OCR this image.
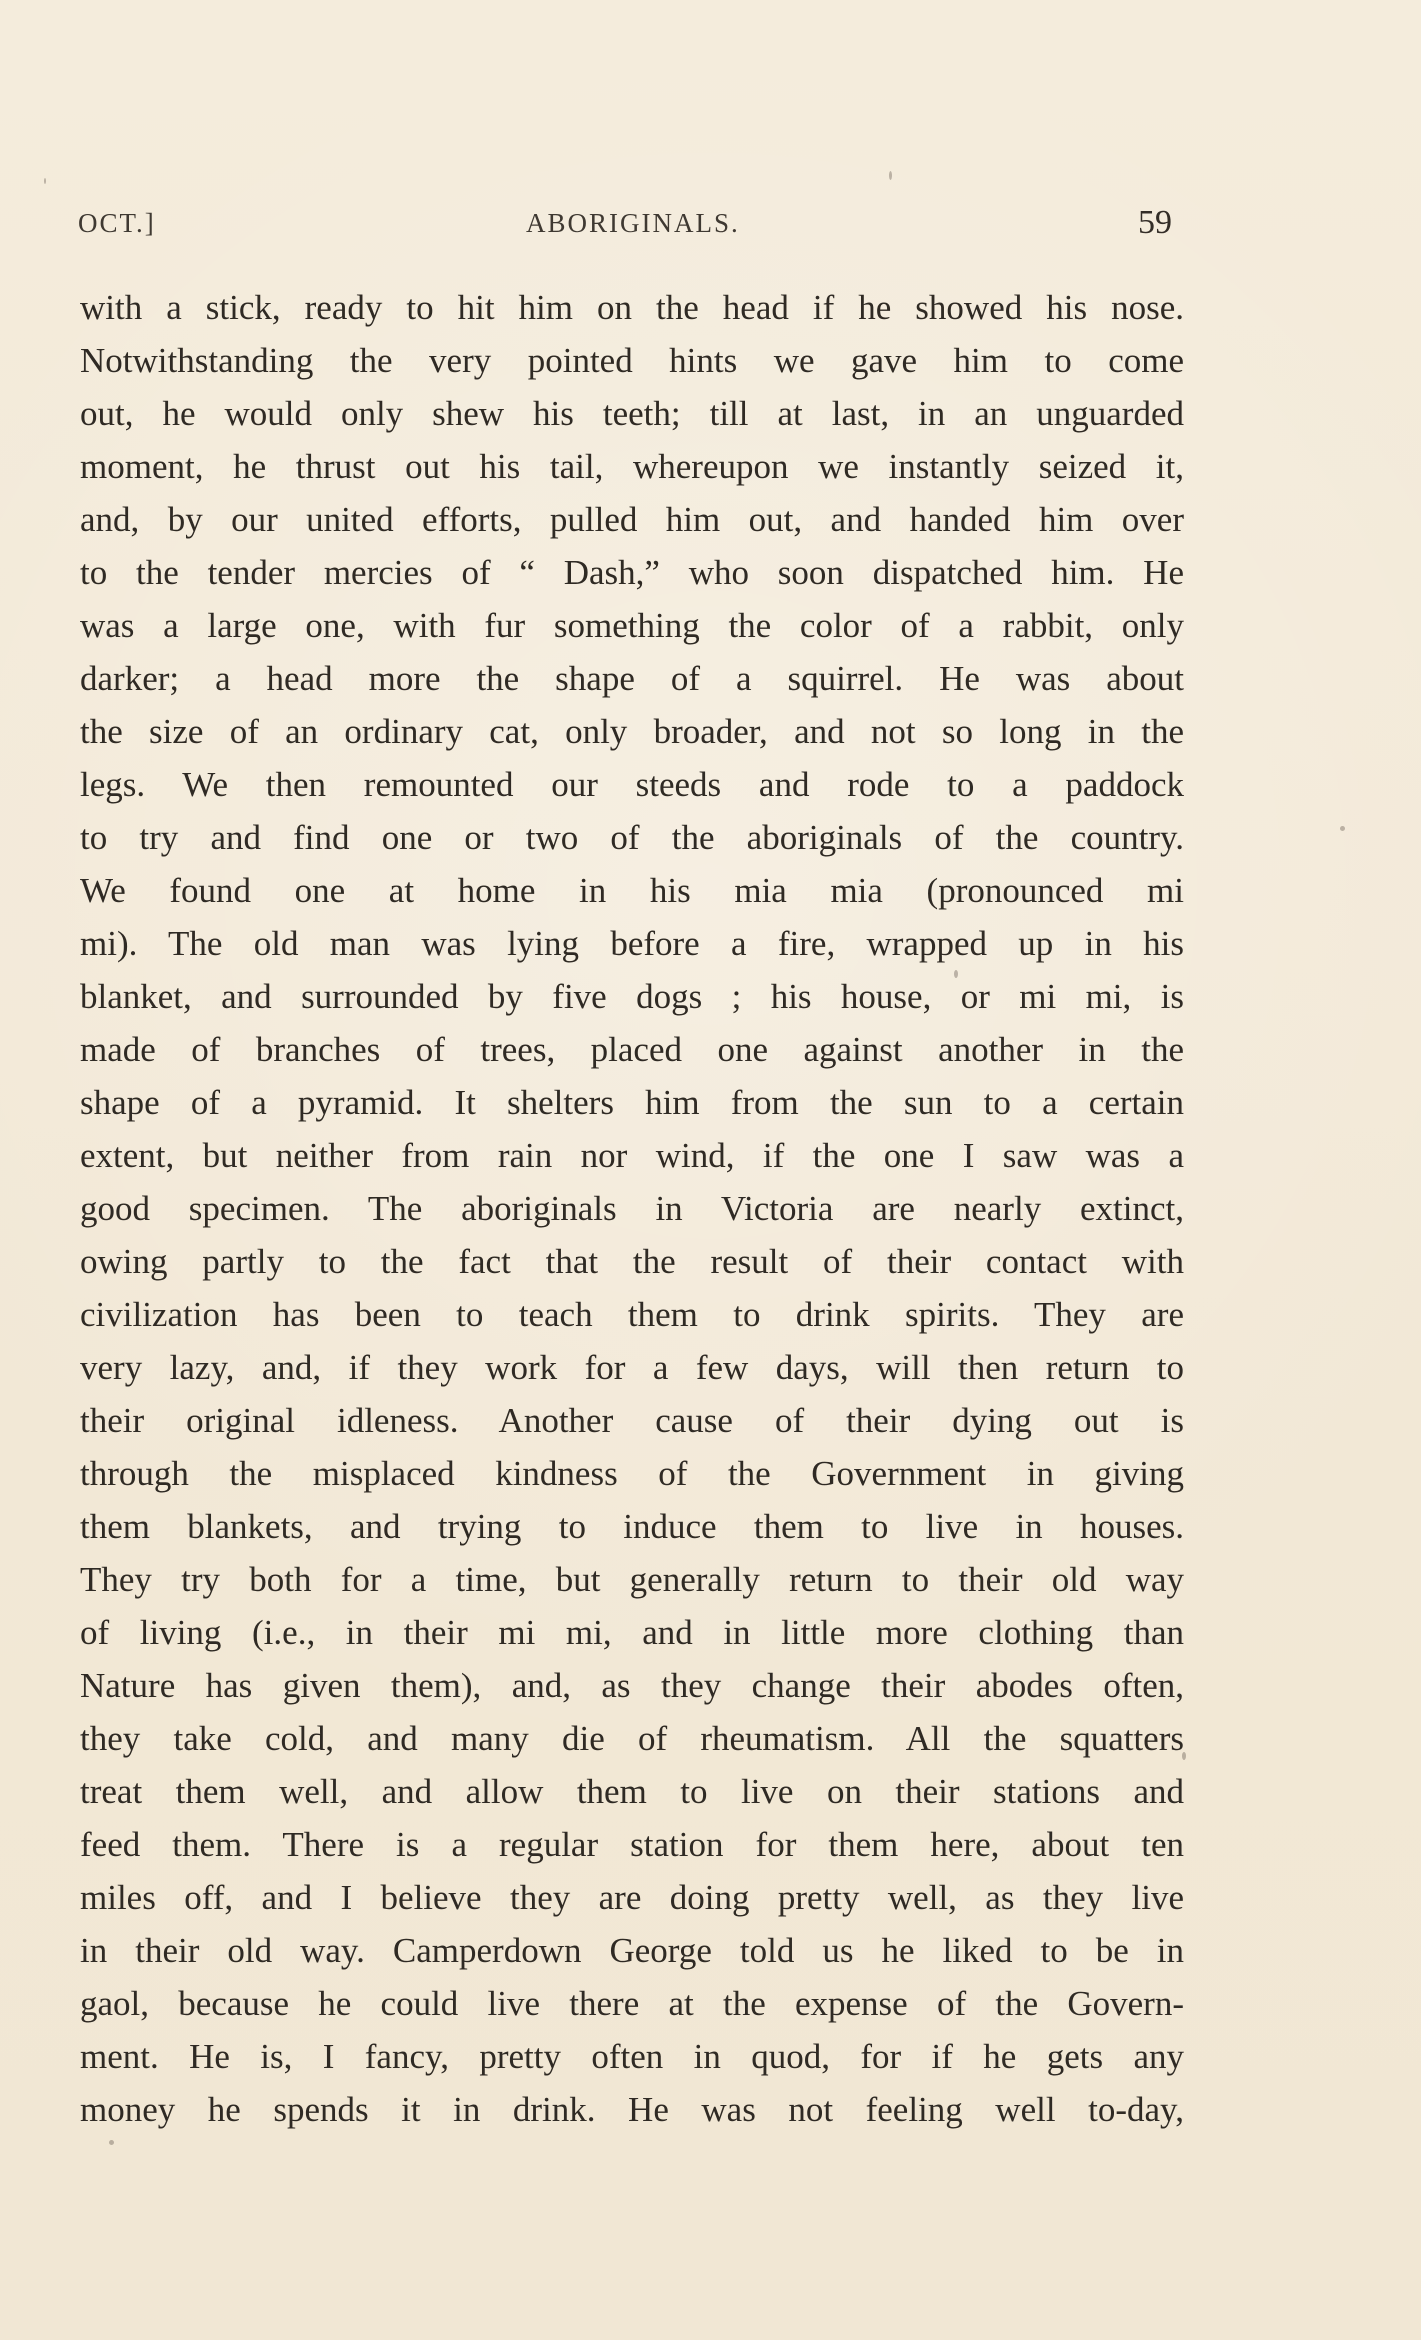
OCT.]	ABORIGINALS.	59
with a stick, ready to hit him on the head if he showed his nose.
Notwithstanding the very pointed hints we gave him to come
out, he would only shew his teeth; till at last, in an unguarded
moment, he thrust out his tail, whereupon we instantly seized it,
and, by our united efforts, pulled him out, and handed him over
to the tender mercies of “ Dash,” who soon dispatched him. He
was a large one, with fur something the color of a rabbit, only
darker; a head more the shape of a squirrel. He was about
the size of an ordinary cat, only broader, and not so long in the
legs. We then remounted our steeds and rode to a paddock
to try and find one or two of the aboriginals of the country.
We found one at home in his mia mia (pronounced mi
mi). The old man was lying before a fire, wrapped up in his
blanket, and surrounded by five dogs ; his house, or mi mi, is
made of branches of trees, placed one against another in the
shape of a pyramid. It shelters him from the sun to a certain
extent, but neither from rain nor wind, if the one I saw was a
good specimen. The aboriginals in Victoria are nearly extinct,
owing partly to the fact that the result of their contact with
civilization has been to teach them to drink spirits. They are
very lazy, and, if they work for a few days, will then return to
their original idleness. Another cause of their dying out is
through the misplaced kindness of the Government in giving
them blankets, and trying to induce them to live in houses.
They try both for a time, but generally return to their old way
of living (i.e., in their mi mi, and in little more clothing than
Nature has given them), and, as they change their abodes often,
they take cold, and many die of rheumatism. All the squatters
treat them well, and allow them to live on their stations and
feed them. There is a regular station for them here, about ten
miles off, and I believe they are doing pretty well, as they live
in their old way. Camperdown George told us he liked to be in
gaol, because he could live there at the expense of the Govern-
ment. He is, I fancy, pretty often in quod, for if he gets any
money he spends it in drink. He was not feeling well to-day,
